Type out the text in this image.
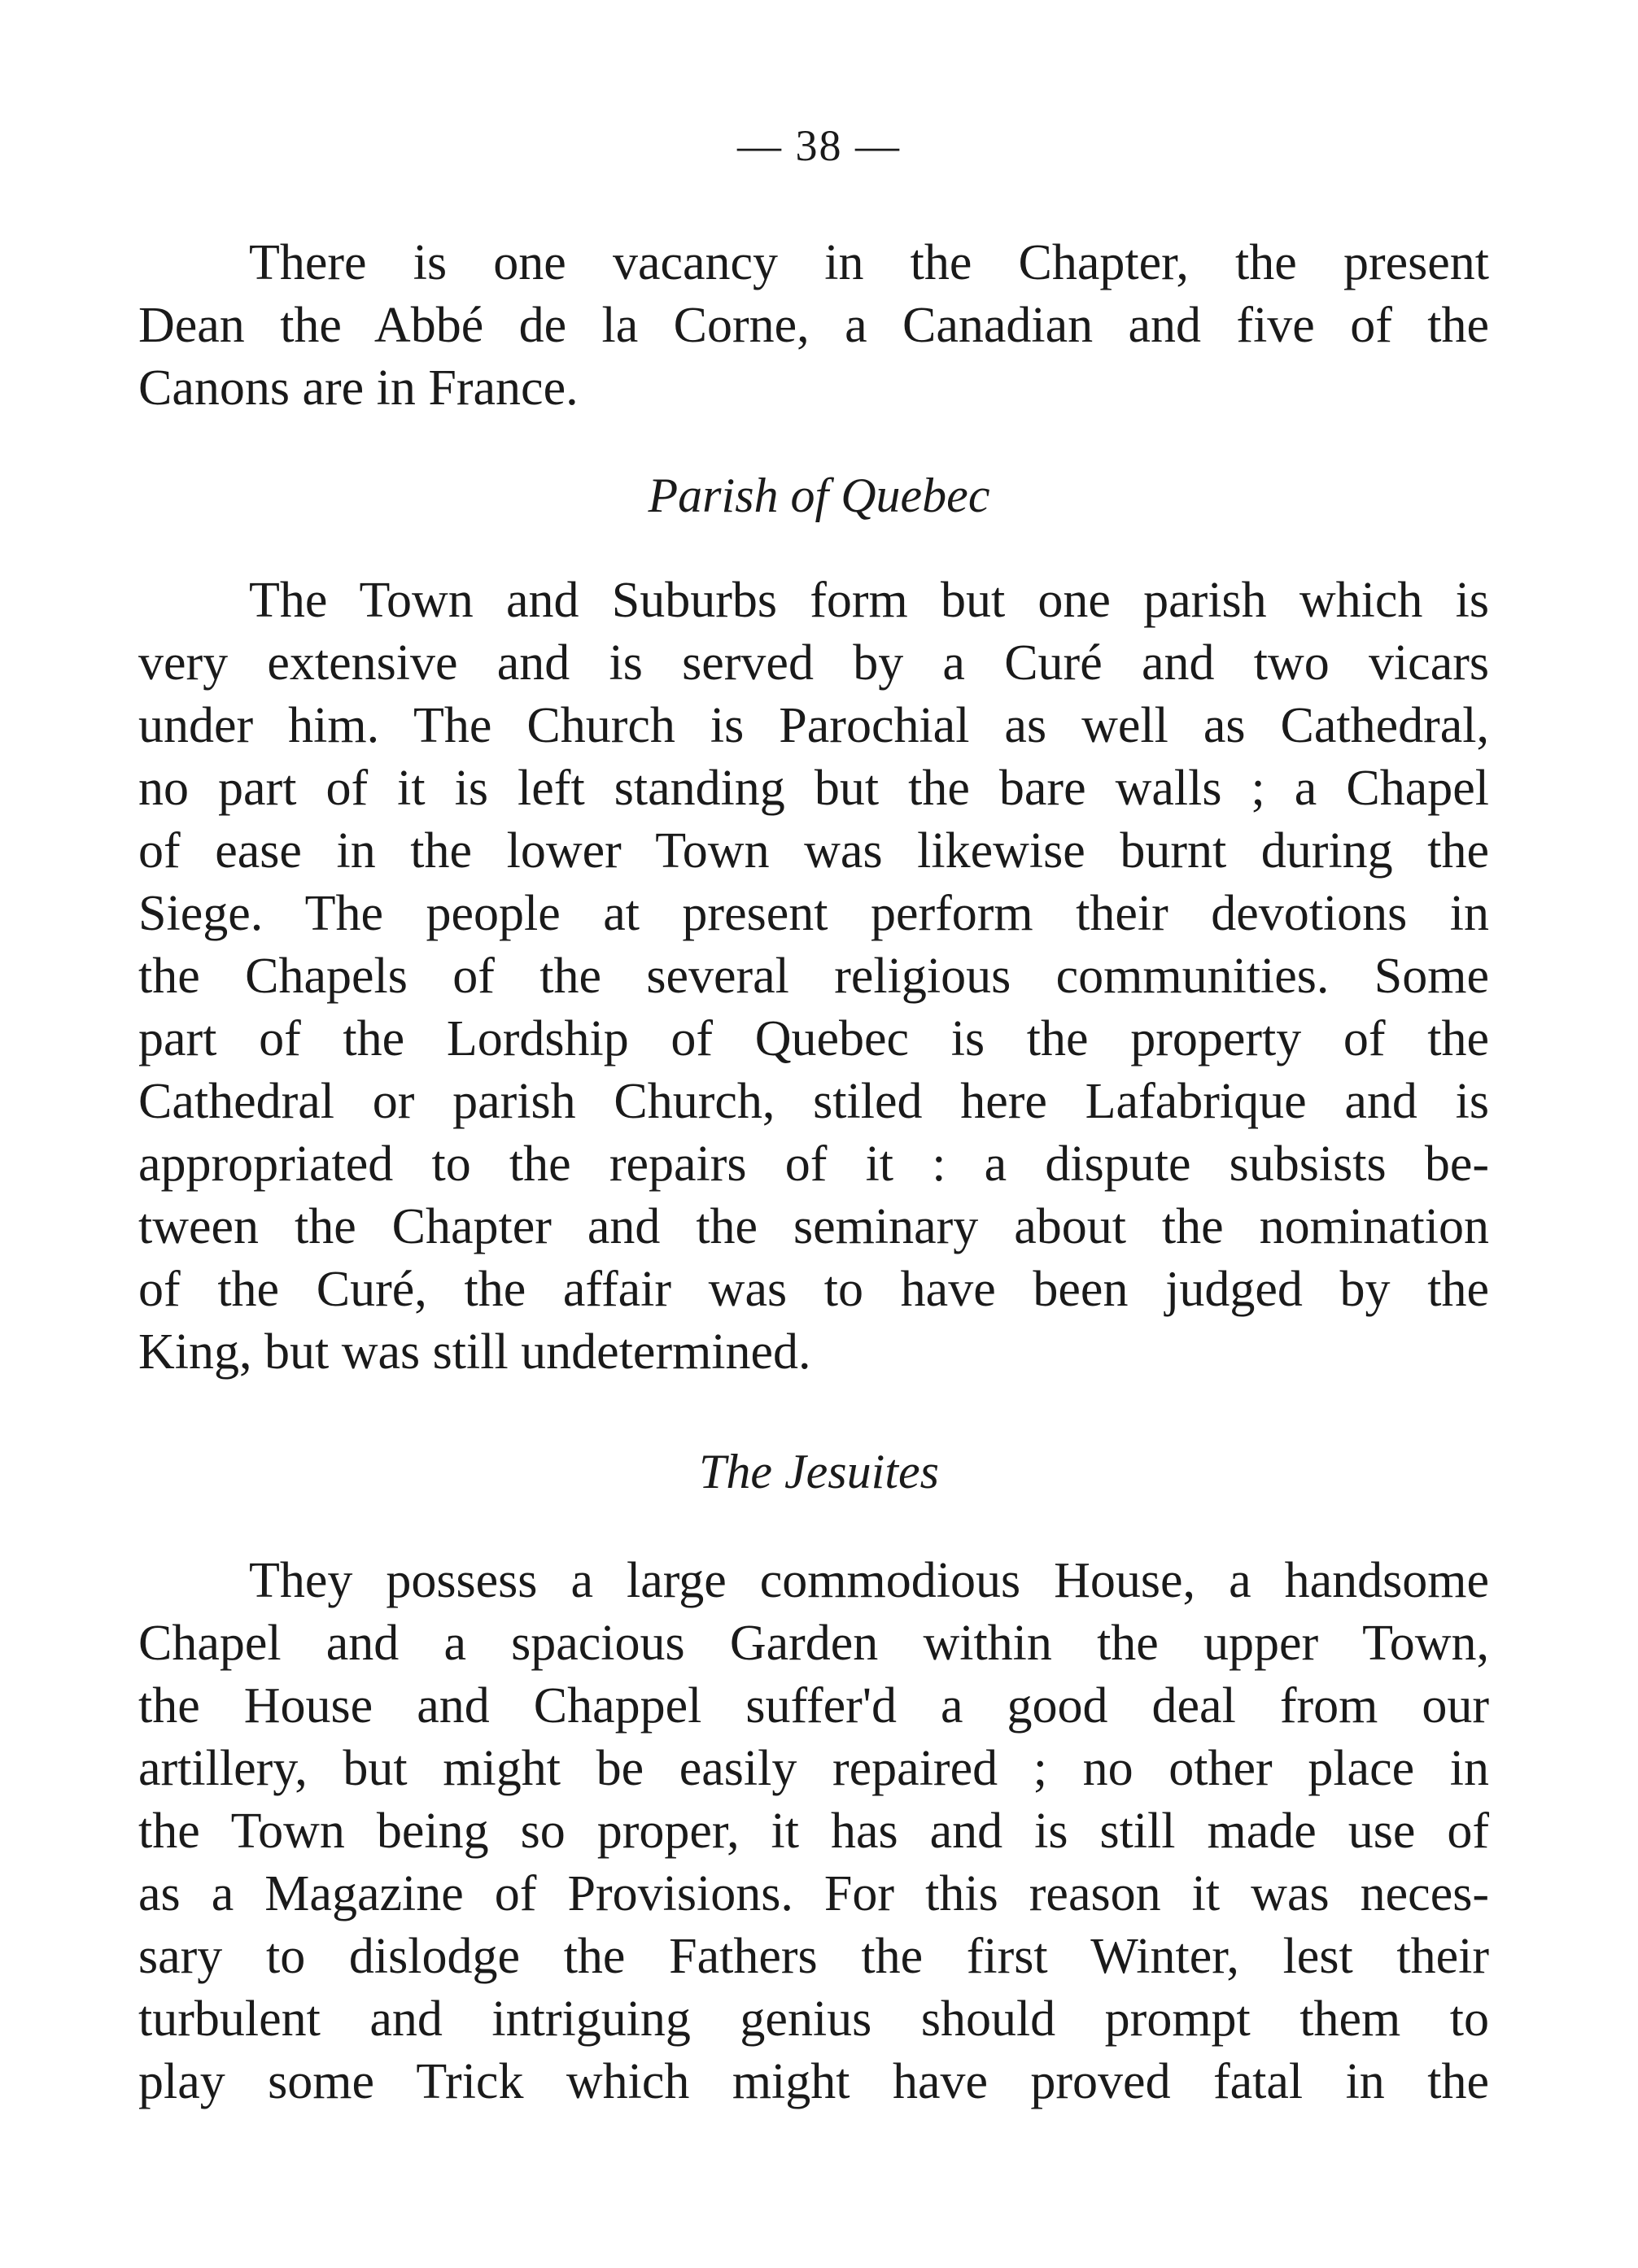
— 38 —
There is one vacancy in the Chapter, the present
Dean the Abbé de la Corne, a Canadian and five of the
Canons are in France.
Parish of Quebec
The Town and Suburbs form but one parish which is
very extensive and is served by a Curé and two vicars
under him. The Church is Parochial as well as Cathedral,
no part of it is left standing but the bare walls ; a Chapel
of ease in the lower Town was likewise burnt during the
Siege. The people at present perform their devotions in
the Chapels of the several religious communities. Some
part of the Lordship of Quebec is the property of the
Cathedral or parish Church, stiled here Lafabrique and is
appropriated to the repairs of it : a dispute subsists be-
tween the Chapter and the seminary about the nomination
of the Curé, the affair was to have been judged by the
King, but was still undetermined.
The Jesuites
They possess a large commodious House, a handsome
Chapel and a spacious Garden within the upper Town,
the House and Chappel suffer'd a good deal from our
artillery, but might be easily repaired ; no other place in
the Town being so proper, it has and is still made use of
as a Magazine of Provisions. For this reason it was neces-
sary to dislodge the Fathers the first Winter, lest their
turbulent and intriguing genius should prompt them to
play some Trick which might have proved fatal in the
